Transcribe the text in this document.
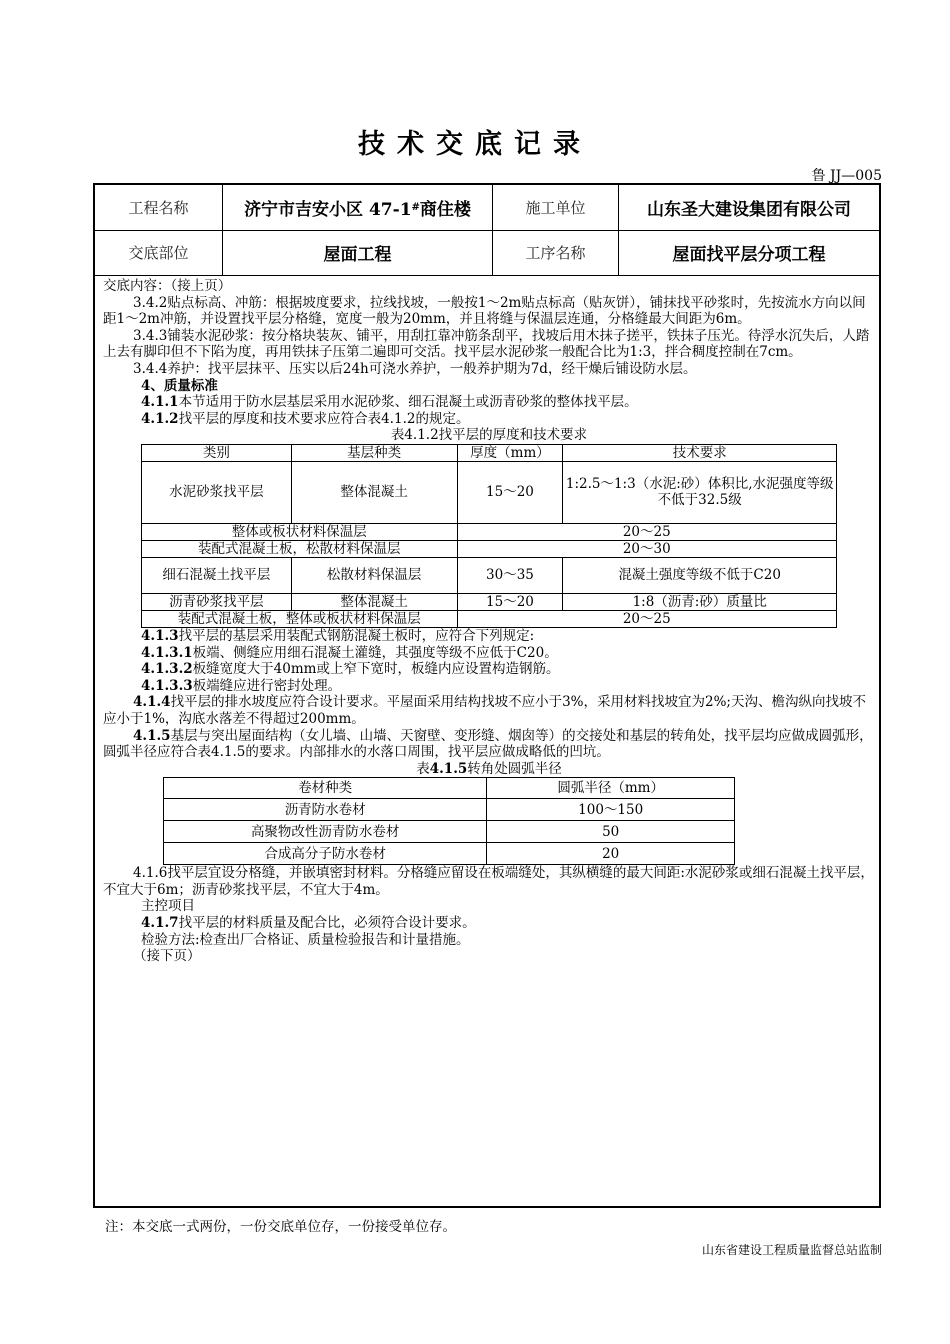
技术交底记录
鲁 JJ—005
工程名称	济宁市吉安小区 47-1 # 商住楼	施工单位	山东圣大建设集团有限公司
交底部位	屋面工程	工序名称	屋面找平层分项工程

交底内容：（接上页）

3.4.2贴点标高、冲筋：根据坡度要求，拉线找坡，一般按1～2m贴点标高（贴灰饼），铺抹找平砂浆时，先按流水方向以间距1～2m冲筋，并设置找平层分格缝，宽度一般为20mm，并且将缝与保温层连通，分格缝最大间距为6m。

3.4.3铺装水泥砂浆：按分格块装灰、铺平，用刮扛靠冲筋条刮平，找坡后用木抹子搓平，铁抹子压光。待浮水沉失后，人踏上去有脚印但不下陷为度，再用铁抹子压第二遍即可交活。找平层水泥砂浆一般配合比为1:3，拌合稠度控制在7cm。

3.4.4养护：找平层抹平、压实以后24h可浇水养护，一般养护期为7d，经干燥后铺设防水层。

4、质量标准

4.1.1本节适用于防水层基层采用水泥砂浆、细石混凝土或沥青砂浆的整体找平层。

4.1.2找平层的厚度和技术要求应符合表4.1.2的规定。

表4.1.2找平层的厚度和技术要求

类别	基层种类	厚度（mm）	技术要求
水泥砂浆找平层	整体混凝土	15～20	1:2.5～1:3（水泥:砂）体积比,水泥强度等级不低于32.5级
整体或板状材料保温层		20～25	
装配式混凝土板，松散材料保温层		20～30	
细石混凝土找平层	松散材料保温层	30～35	混凝土强度等级不低于C20
沥青砂浆找平层	整体混凝土	15～20	1:8（沥青:砂）质量比
装配式混凝土板，整体或板状材料保温层		20～25	

4.1.3找平层的基层采用装配式钢筋混凝土板时，应符合下列规定:

4.1.3.1板端、侧缝应用细石混凝土灌缝，其强度等级不应低于C20。

4.1.3.2板缝宽度大于40mm或上窄下宽时，板缝内应设置构造钢筋。

4.1.3.3板端缝应进行密封处理。

4.1.4找平层的排水坡度应符合设计要求。平屋面采用结构找坡不应小于3%，采用材料找坡宜为2%;天沟、檐沟纵向找坡不应小于1%，沟底水落差不得超过200mm。

4.1.5基层与突出屋面结构（女儿墙、山墙、天窗壁、变形缝、烟囱等）的交接处和基层的转角处，找平层均应做成圆弧形，圆弧半径应符合表4.1.5的要求。内部排水的水落口周围，找平层应做成略低的凹坑。

表4.1.5转角处圆弧半径

卷材种类	圆弧半径（mm）
沥青防水卷材	100～150
高聚物改性沥青防水卷材	50
合成高分子防水卷材	20

4.1.6找平层宜设分格缝，并嵌填密封材料。分格缝应留设在板端缝处，其纵横缝的最大间距:水泥砂浆或细石混凝土找平层，不宜大于6m；沥青砂浆找平层，不宜大于4m。

主控项目

4.1.7找平层的材料质量及配合比，必须符合设计要求。

检验方法:检查出厂合格证、质量检验报告和计量措施。

（接下页）

注：本交底一式两份，一份交底单位存，一份接受单位存。
山东省建设工程质量监督总站监制
